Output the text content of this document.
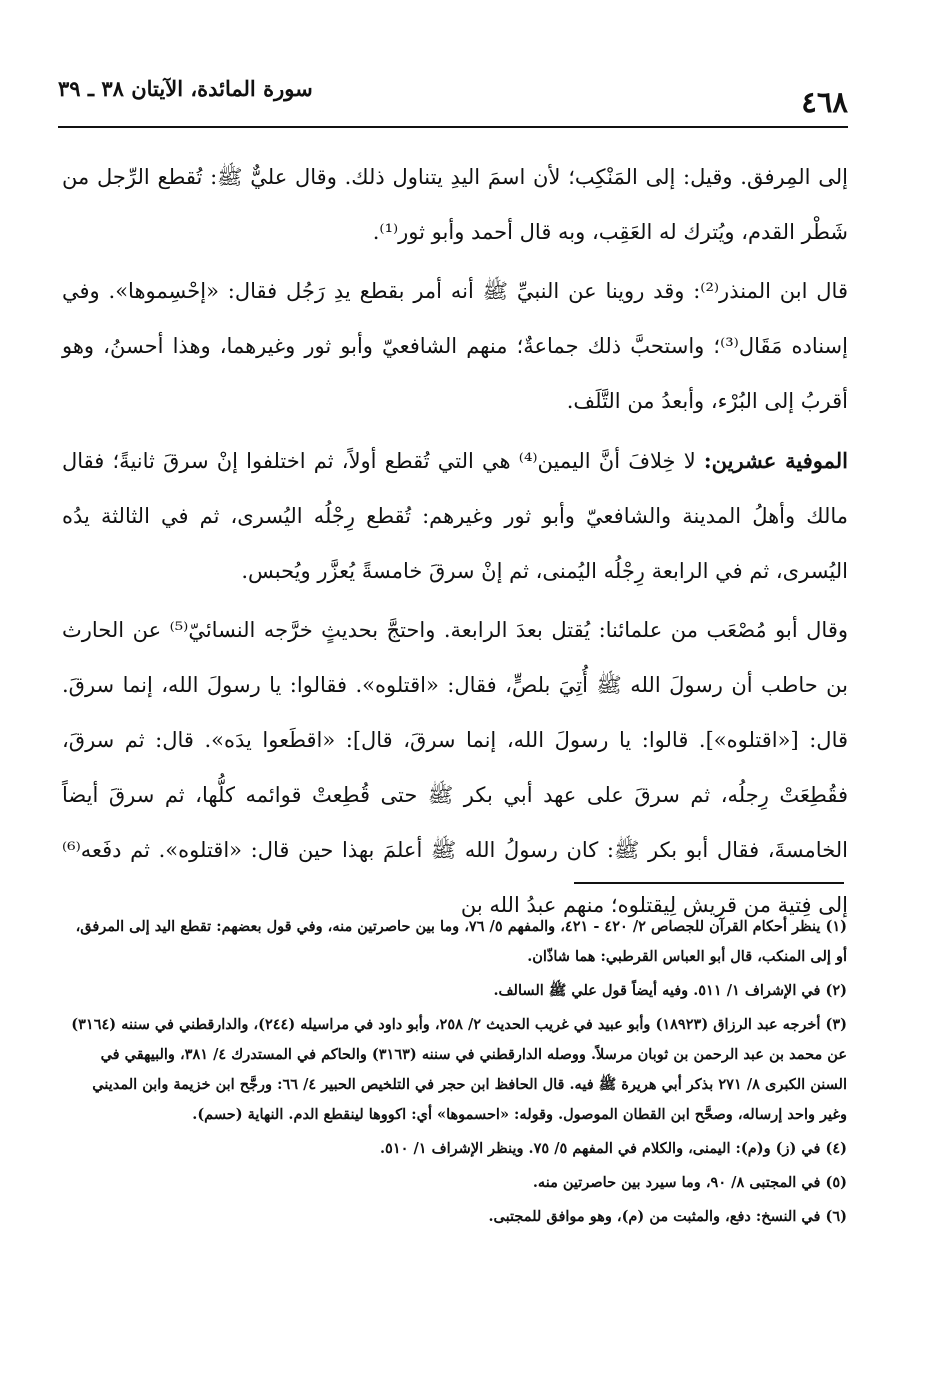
٤٦٨
سورة المائدة، الآيتان ٣٨ ـ ٣٩

إلى المِرفق. وقيل: إلى المَنْكِب؛ لأن اسمَ اليدِ يتناول ذلك. وقال عليٌّ ﷺ: تُقطع الرِّجل من شَطْر القدم، ويُترك له العَقِب، وبه قال أحمد وأبو ثور⁽¹⁾.

قال ابن المنذر⁽²⁾: وقد روينا عن النبيِّ ﷺ أنه أمر بقطع يدِ رَجُل فقال: «إحْسِموها». وفي إسناده مَقَال⁽³⁾؛ واستحبَّ ذلك جماعةٌ؛ منهم الشافعيّ وأبو ثور وغيرهما، وهذا أحسنُ، وهو أقربُ إلى البُرْء، وأبعدُ من التَّلَف.

الموفية عشرين: لا خِلافَ أنَّ اليمين⁽⁴⁾ هي التي تُقطع أولاً، ثم اختلفوا إنْ سرقَ ثانيةً؛ فقال مالك وأهلُ المدينة والشافعيّ وأبو ثور وغيرهم: تُقطع رِجْلُه اليُسرى، ثم في الثالثة يدُه اليُسرى، ثم في الرابعة رِجْلُه اليُمنى، ثم إنْ سرقَ خامسةً يُعزَّر ويُحبس.

وقال أبو مُصْعَب من علمائنا: يُقتل بعدَ الرابعة. واحتجَّ بحديثٍ خرَّجه النسائيّ⁽⁵⁾ عن الحارث بن حاطب أن رسولَ الله ﷺ أُتِيَ بلصٍّ، فقال: «اقتلوه». فقالوا: يا رسولَ الله، إنما سرقَ. قال: [«اقتلوه»]. قالوا: يا رسولَ الله، إنما سرقَ، قال]: «اقطَعوا يدَه». قال: ثم سرقَ، فقُطِعَتْ رِجلُه، ثم سرقَ على عهد أبي بكر ﷺ حتى قُطِعتْ قوائمه كلُّها، ثم سرقَ أيضاً الخامسةَ، فقال أبو بكر ﷺ: كان رسولُ الله ﷺ أعلمَ بهذا حين قال: «اقتلوه». ثم دفَعه⁽⁶⁾ إلى فِتية من قريش لِيقتلوه؛ منهم عبدُ الله بن

(١) ينظر أحكام القرآن للجصاص ٢/ ٤٢٠ - ٤٢١، والمفهم ٥/ ٧٦، وما بين حاصرتين منه، وفي قول بعضهم: تقطع اليد إلى المرفق، أو إلى المنكب، قال أبو العباس القرطبي: هما شاذّان.

(٢) في الإشراف ١/ ٥١١. وفيه أيضاً قول علي ﷺ السالف.

(٣) أخرجه عبد الرزاق (١٨٩٢٣) وأبو عبيد في غريب الحديث ٢/ ٢٥٨، وأبو داود في مراسيله (٢٤٤)، والدارقطني في سننه (٣١٦٤) عن محمد بن عبد الرحمن بن ثوبان مرسلاً. ووصله الدارقطني في سننه (٣١٦٣) والحاكم في المستدرك ٤/ ٣٨١، والبيهقي في السنن الكبرى ٨/ ٢٧١ بذكر أبي هريرة ﷺ فيه. قال الحافظ ابن حجر في التلخيص الحبير ٤/ ٦٦: ورجَّح ابن خزيمة وابن المديني وغير واحد إرساله، وصحَّح ابن القطان الموصول. وقوله: «احسموها» أي: اكووها لينقطع الدم. النهاية (حسم).

(٤) في (ز) و(م): اليمنى، والكلام في المفهم ٥/ ٧٥. وينظر الإشراف ١/ ٥١٠.

(٥) في المجتبى ٨/ ٩٠، وما سيرد بين حاصرتين منه.

(٦) في النسخ: دفع، والمثبت من (م)، وهو موافق للمجتبى.
